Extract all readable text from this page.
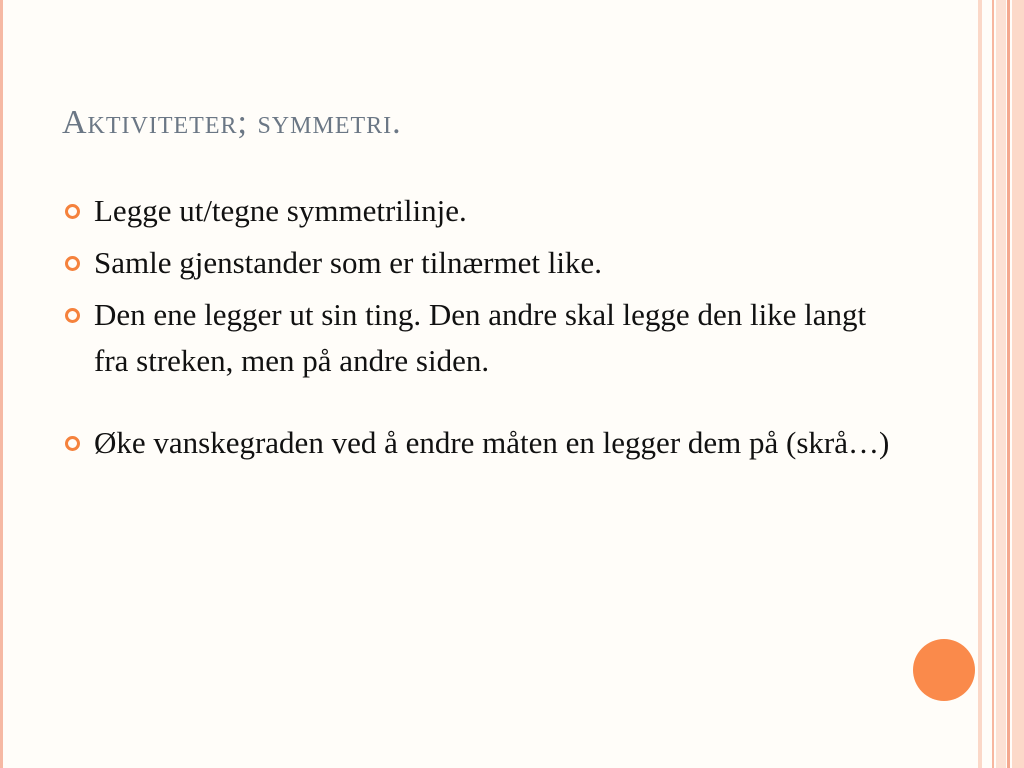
Aktiviteter; symmetri.
Legge ut/tegne symmetrilinje.
Samle gjenstander som er tilnærmet like.
Den ene legger ut sin ting. Den andre skal legge den like langt fra streken, men på andre siden.
Øke vanskegraden ved å endre måten en legger dem på (skrå…)
